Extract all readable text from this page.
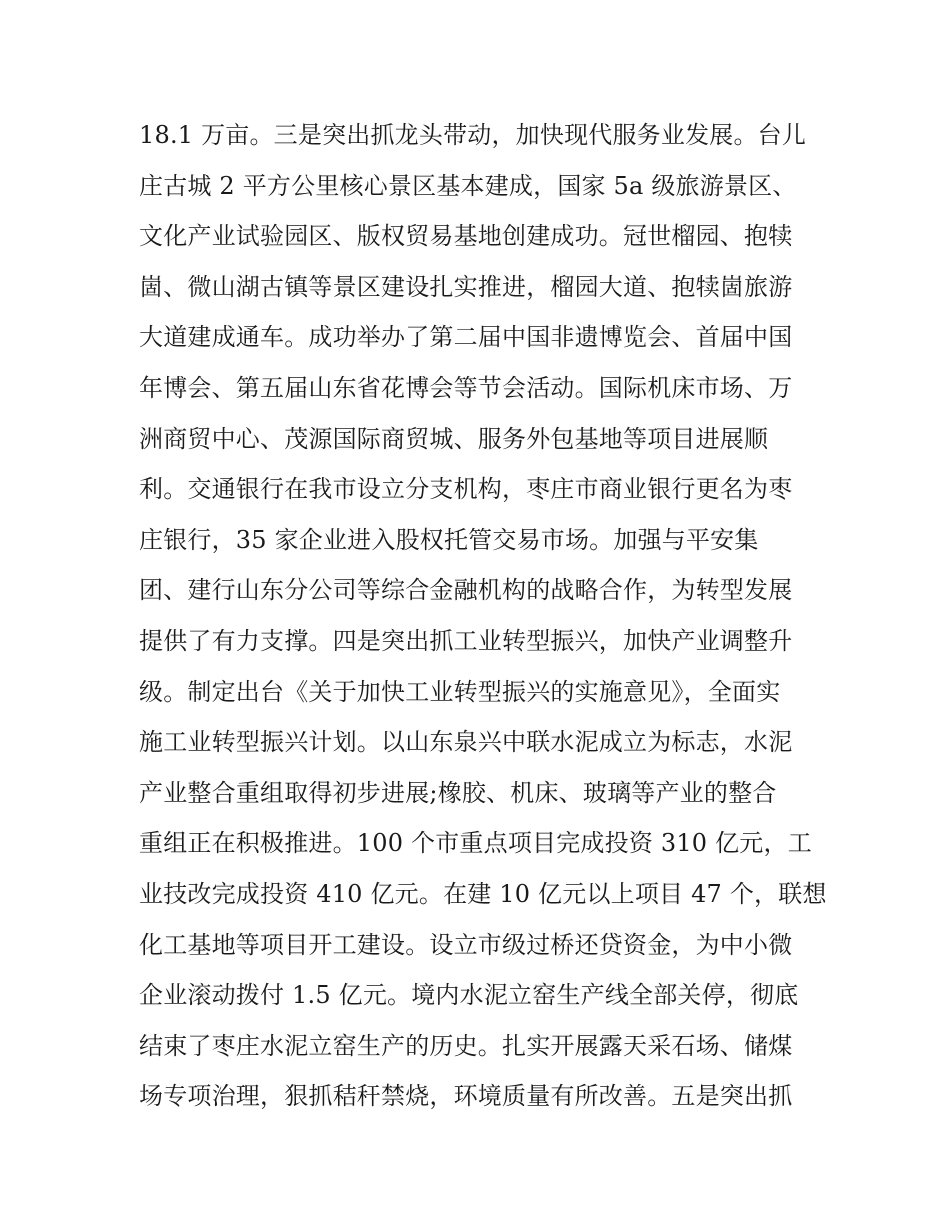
18.1 万亩。三是突出抓龙头带动，加快现代服务业发展。台儿
庄古城 2 平方公里核心景区基本建成，国家 5a 级旅游景区、
文化产业试验园区、版权贸易基地创建成功。冠世榴园、抱犊
崮、微山湖古镇等景区建设扎实推进，榴园大道、抱犊崮旅游
大道建成通车。成功举办了第二届中国非遗博览会、首届中国
年博会、第五届山东省花博会等节会活动。国际机床市场、万
洲商贸中心、茂源国际商贸城、服务外包基地等项目进展顺
利。交通银行在我市设立分支机构，枣庄市商业银行更名为枣
庄银行，35 家企业进入股权托管交易市场。加强与平安集
团、建行山东分公司等综合金融机构的战略合作，为转型发展
提供了有力支撑。四是突出抓工业转型振兴，加快产业调整升
级。制定出台《关于加快工业转型振兴的实施意见》，全面实
施工业转型振兴计划。以山东泉兴中联水泥成立为标志，水泥
产业整合重组取得初步进展;橡胶、机床、玻璃等产业的整合
重组正在积极推进。100 个市重点项目完成投资 310 亿元，工
业技改完成投资 410 亿元。在建 10 亿元以上项目 47 个，联想
化工基地等项目开工建设。设立市级过桥还贷资金，为中小微
企业滚动拨付 1.5 亿元。境内水泥立窑生产线全部关停，彻底
结束了枣庄水泥立窑生产的历史。扎实开展露天采石场、储煤
场专项治理，狠抓秸秆禁烧，环境质量有所改善。五是突出抓
